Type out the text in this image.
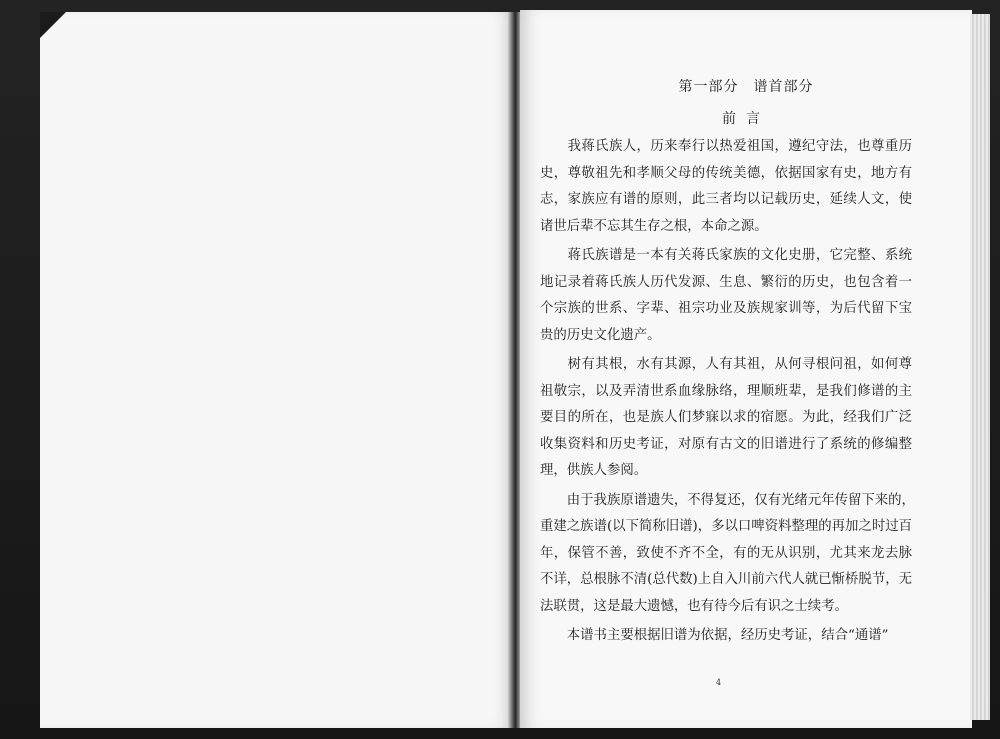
第一部分　谱首部分
前言
　　我蒋氏族人，历来奉行以热爱祖国，遵纪守法，也尊重历
史，尊敬祖先和孝顺父母的传统美德，依据国家有史，地方有
志，家族应有谱的原则，此三者均以记载历史，延续人文，使
诸世后辈不忘其生存之根，本命之源。
　　蒋氏族谱是一本有关蒋氏家族的文化史册，它完整、系统
地记录着蒋氏族人历代发源、生息、繁衍的历史，也包含着一
个宗族的世系、字辈、祖宗功业及族规家训等，为后代留下宝
贵的历史文化遗产。
　　树有其根，水有其源，人有其祖，从何寻根问祖，如何尊
祖敬宗，以及弄清世系血缘脉络，理顺班辈，是我们修谱的主
要目的所在，也是族人们梦寐以求的宿愿。为此，经我们广泛
收集资料和历史考证，对原有古文的旧谱进行了系统的修编整
理，供族人参阅。
　　由于我族原谱遗失，不得复还，仅有光绪元年传留下来的，
重建之族谱(以下简称旧谱)，多以口啤资料整理的再加之时过百
年，保管不善，致使不齐不全，有的无从识别，尤其来龙去脉
不详，总根脉不清(总代数)上自入川前六代人就已惭桥脱节，无
法联贯，这是最大遗憾，也有待今后有识之士续考。
　　本谱书主要根据旧谱为依据，经历史考证，结合“通谱”
4
